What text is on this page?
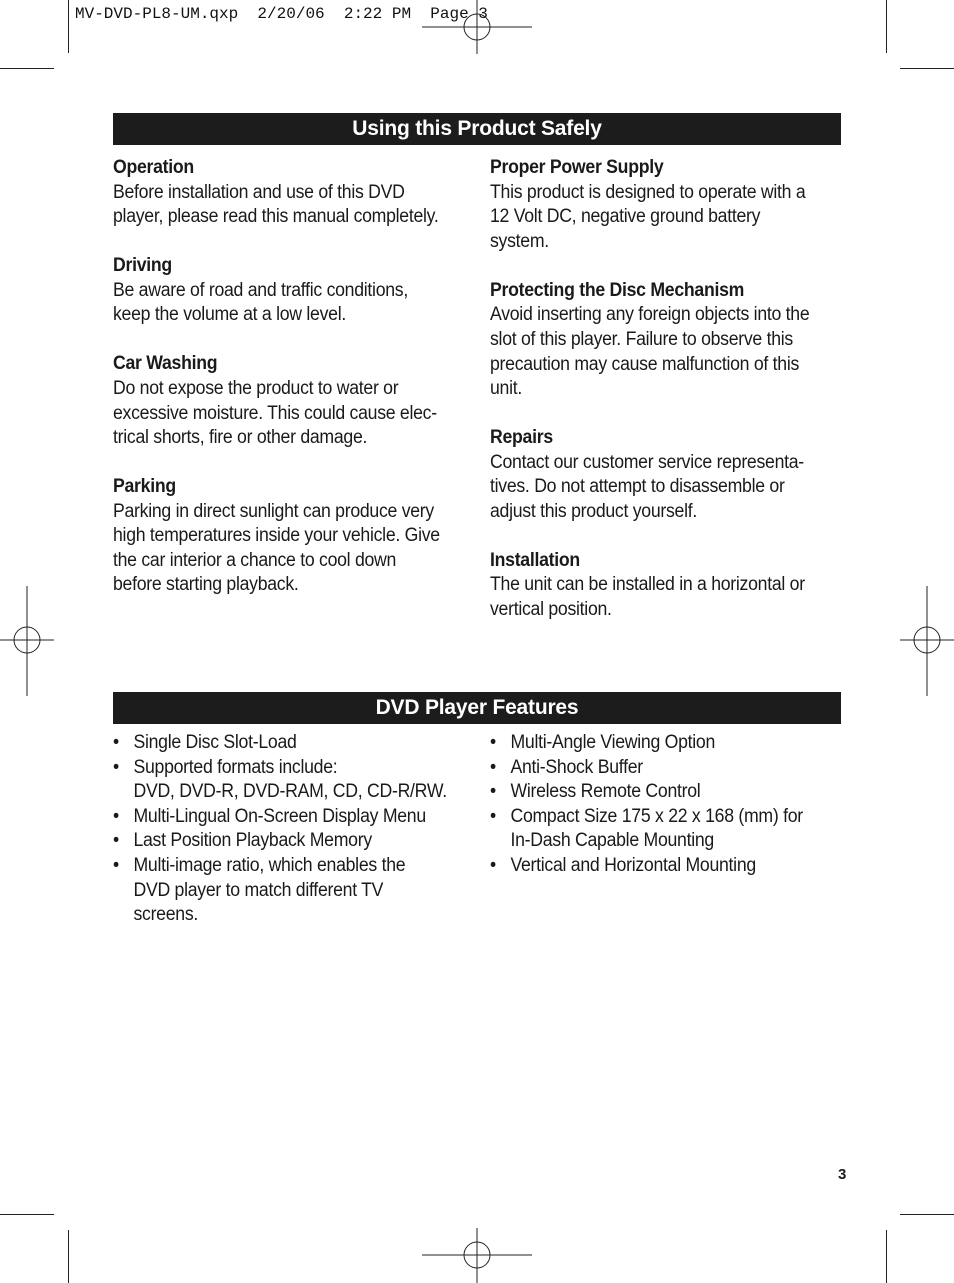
MV-DVD-PL8-UM.qxp  2/20/06  2:22 PM  Page 3
Using this Product Safely
Operation

Before installation and use of this DVD
player, please read this manual completely.

Driving

Be aware of road and traffic conditions,
keep the volume at a low level.

Car Washing

Do not expose the product to water or
excessive moisture. This could cause elec-
trical shorts, fire or other damage.

Parking

Parking in direct sunlight can produce very
high temperatures inside your vehicle. Give
the car interior a chance to cool down
before starting playback.

Proper Power Supply

This product is designed to operate with a
12 Volt DC, negative ground battery system.

Protecting the Disc Mechanism

Avoid inserting any foreign objects into the
slot of this player. Failure to observe this
precaution may cause malfunction of this
unit.

Repairs

Contact our customer service representa-
tives. Do not attempt to disassemble or
adjust this product yourself.

Installation

The unit can be installed in a horizontal or
vertical position.

DVD Player Features
• Single Disc Slot-Load
• Supported formats include:
DVD, DVD-R, DVD-RAM, CD, CD-R/RW.
• Multi-Lingual On-Screen Display Menu
• Last Position Playback Memory
• Multi-image ratio, which enables the
DVD player to match different TV
screens.
• Multi-Angle Viewing Option
• Anti-Shock Buffer
• Wireless Remote Control
• Compact Size 175 x 22 x 168 (mm) for
In-Dash Capable Mounting
• Vertical and Horizontal Mounting
3
